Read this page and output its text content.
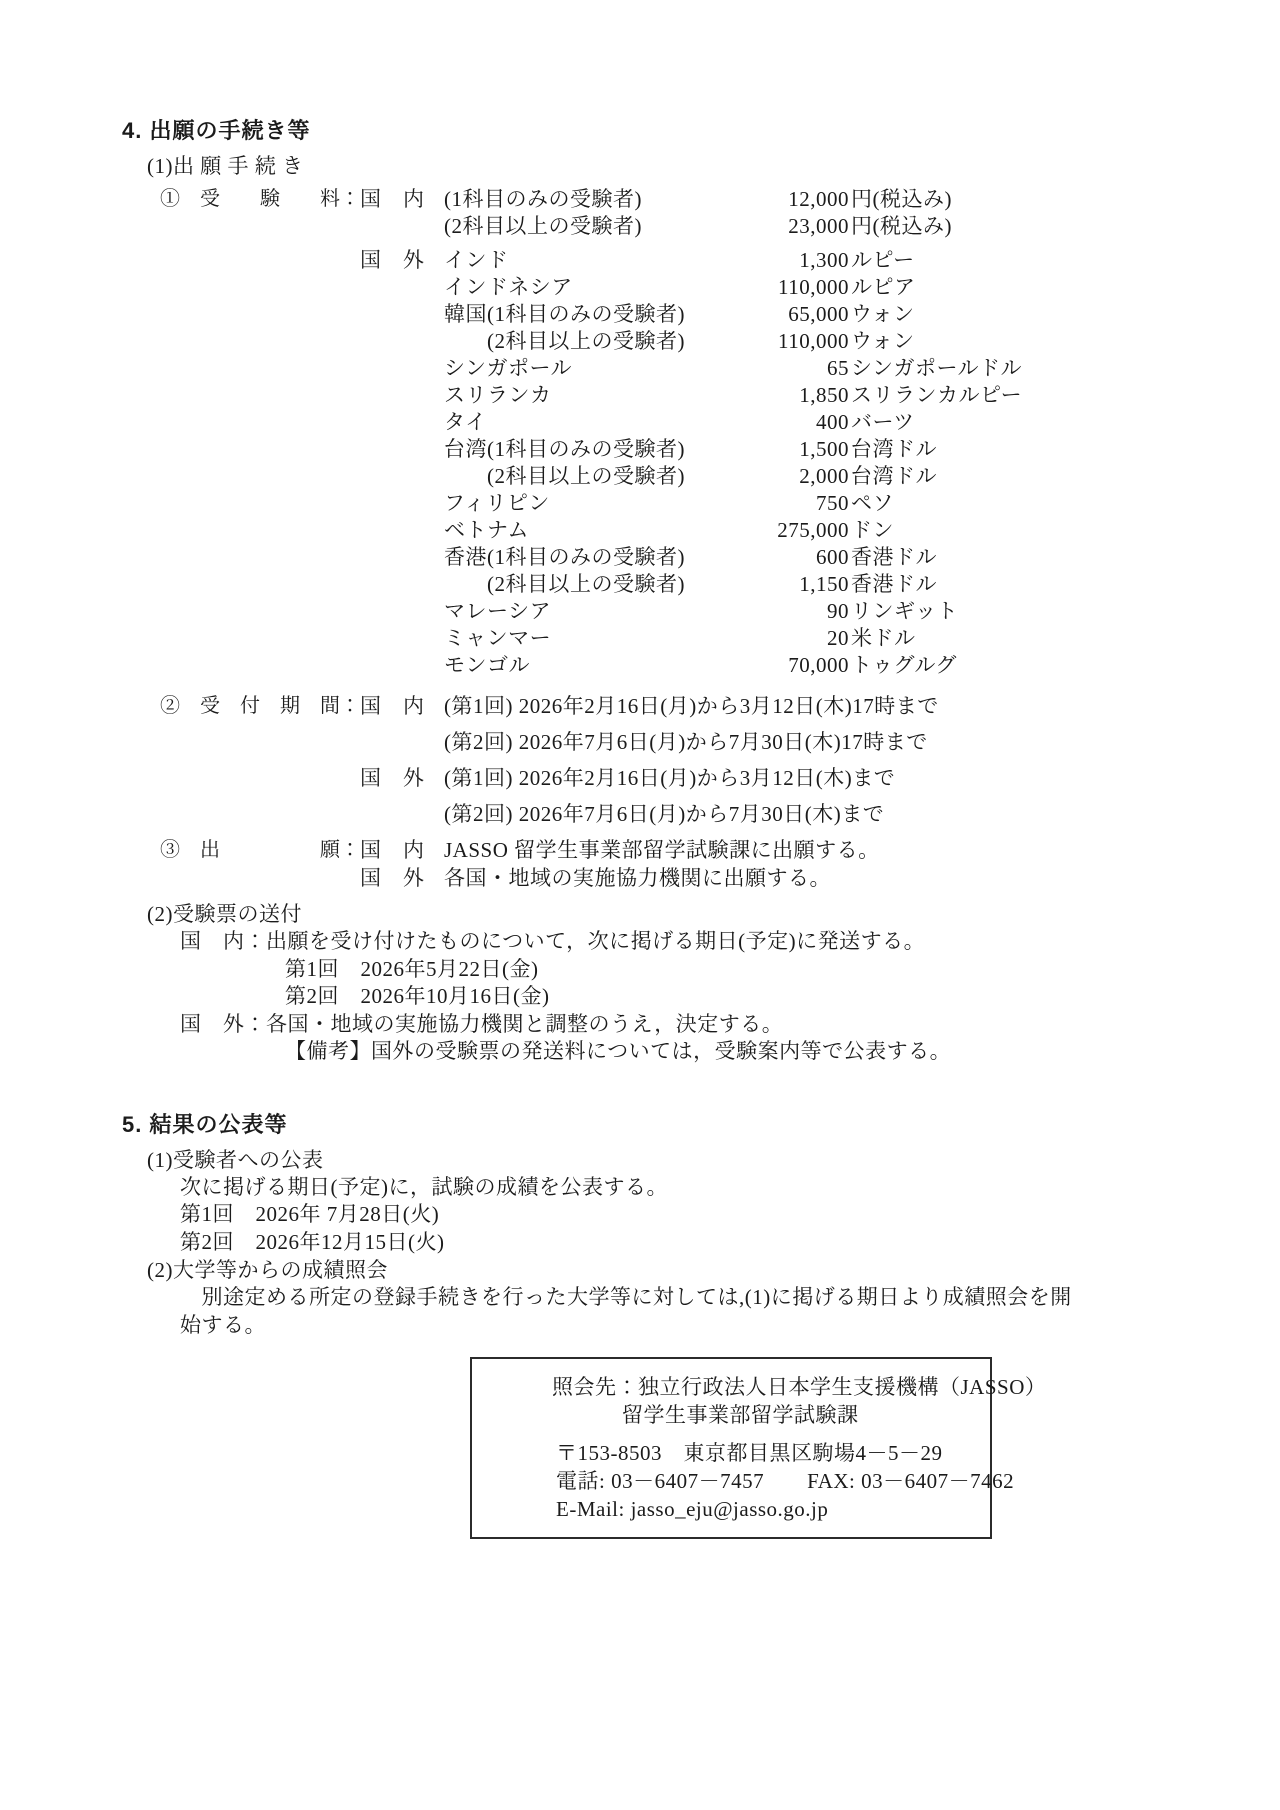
4. 出願の手続き等
(1)出 願 手 続 き
①　受　　験　　料： 国　内 (1科目のみの受験者)	12,000 円(税込み)
(2科目以上の受験者)	23,000 円(税込み)
国　外 インド	1,300 ルピー
インドネシア	110,000 ルピア
韓国(1科目のみの受験者)	65,000 ウォン
　　(2科目以上の受験者)	110,000 ウォン
シンガポール	65 シンガポールドル
スリランカ	1,850 スリランカルピー
タイ	400 バーツ
台湾(1科目のみの受験者)	1,500 台湾ドル
　　(2科目以上の受験者)	2,000 台湾ドル
フィリピン	750 ペソ
ベトナム	275,000 ドン
香港(1科目のみの受験者)	600 香港ドル
　　(2科目以上の受験者)	1,150 香港ドル
マレーシア	90 リンギット
ミャンマー	20 米ドル
モンゴル	70,000 トゥグルグ
②　受　付　期　間： 国　内 (第1回) 2026年2月16日(月)から3月12日(木)17時まで
(第2回) 2026年7月6日(月)から7月30日(木)17時まで
国　外 (第1回) 2026年2月16日(月)から3月12日(木)まで
(第2回) 2026年7月6日(月)から7月30日(木)まで
③　出　　　　　願： 国　内 JASSO 留学生事業部留学試験課に出願する。
国　外 各国・地域の実施協力機関に出願する。
(2)受験票の送付
国　内：出願を受け付けたものについて，次に掲げる期日(予定)に発送する。
第1回　2026年5月22日(金)
第2回　2026年10月16日(金)
国　外：各国・地域の実施協力機関と調整のうえ，決定する。
【備考】国外の受験票の発送料については，受験案内等で公表する。
5. 結果の公表等
(1)受験者への公表
次に掲げる期日(予定)に，試験の成績を公表する。
第1回　2026年 7月28日(火)
第2回　2026年12月15日(火)
(2)大学等からの成績照会
　別途定める所定の登録手続きを行った大学等に対しては,(1)に掲げる期日より成績照会を開
始する。
照会先：独立行政法人日本学生支援機構（JASSO）
留学生事業部留学試験課
〒153-8503　東京都目黒区駒場4－5－29
電話: 03－6407－7457　　FAX: 03－6407－7462
E-Mail: jasso_eju@jasso.go.jp
